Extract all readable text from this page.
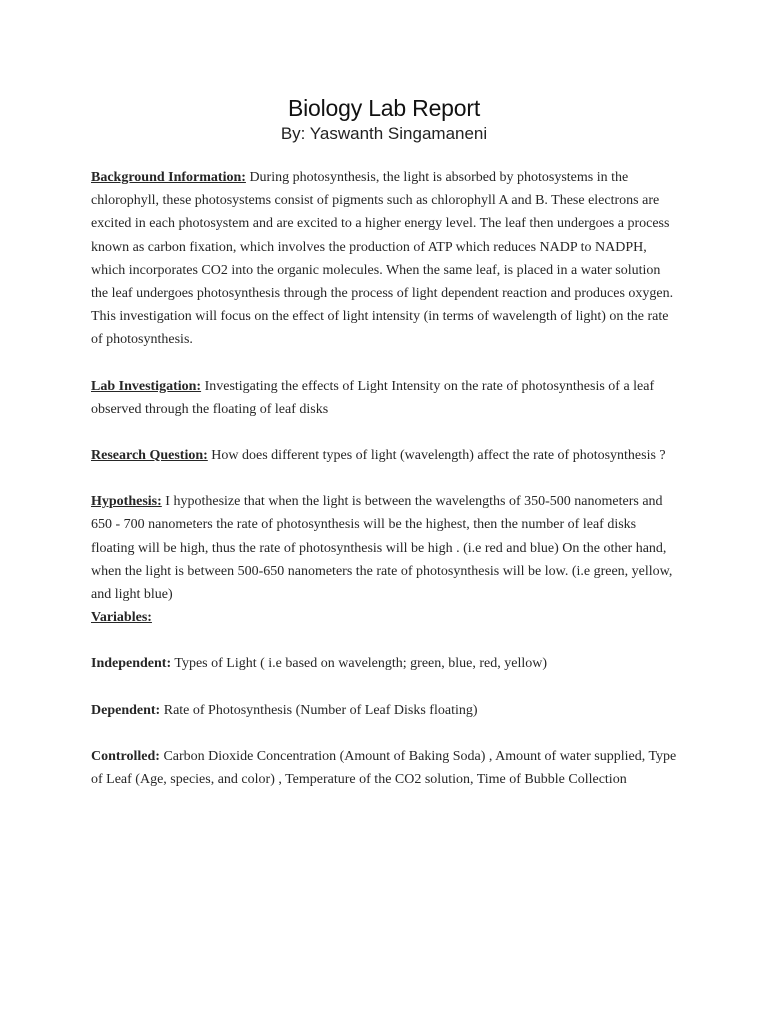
Biology Lab Report
By: Yaswanth Singamaneni

Background Information: During photosynthesis, the light is absorbed by photosystems in the chlorophyll, these photosystems consist of pigments such as chlorophyll A and B. These electrons are excited in each photosystem and are excited to a higher energy level. The leaf then undergoes a process known as carbon fixation, which involves the production of ATP which reduces NADP to NADPH, which incorporates CO2 into the organic molecules. When the same leaf, is placed in a water solution the leaf undergoes photosynthesis through the process of light dependent reaction and produces oxygen. This investigation will focus on the effect of light intensity (in terms of wavelength of light) on the rate of photosynthesis.

Lab Investigation: Investigating the effects of Light Intensity on the rate of photosynthesis of a leaf observed through the floating of leaf disks

Research Question: How does different types of light (wavelength) affect the rate of photosynthesis ?

Hypothesis: I hypothesize that when the light is between the wavelengths of 350-500 nanometers and 650 - 700 nanometers the rate of photosynthesis will be the highest, then the number of leaf disks floating will be high, thus the rate of photosynthesis will be high . (i.e red and blue) On the other hand, when the light is between 500-650 nanometers the rate of photosynthesis will be low. (i.e green, yellow, and light blue)

Variables:

Independent: Types of Light ( i.e based on wavelength; green, blue, red, yellow)

Dependent: Rate of Photosynthesis (Number of Leaf Disks floating)

Controlled: Carbon Dioxide Concentration (Amount of Baking Soda) , Amount of water supplied, Type of Leaf (Age, species, and color) , Temperature of the CO2 solution, Time of Bubble Collection
